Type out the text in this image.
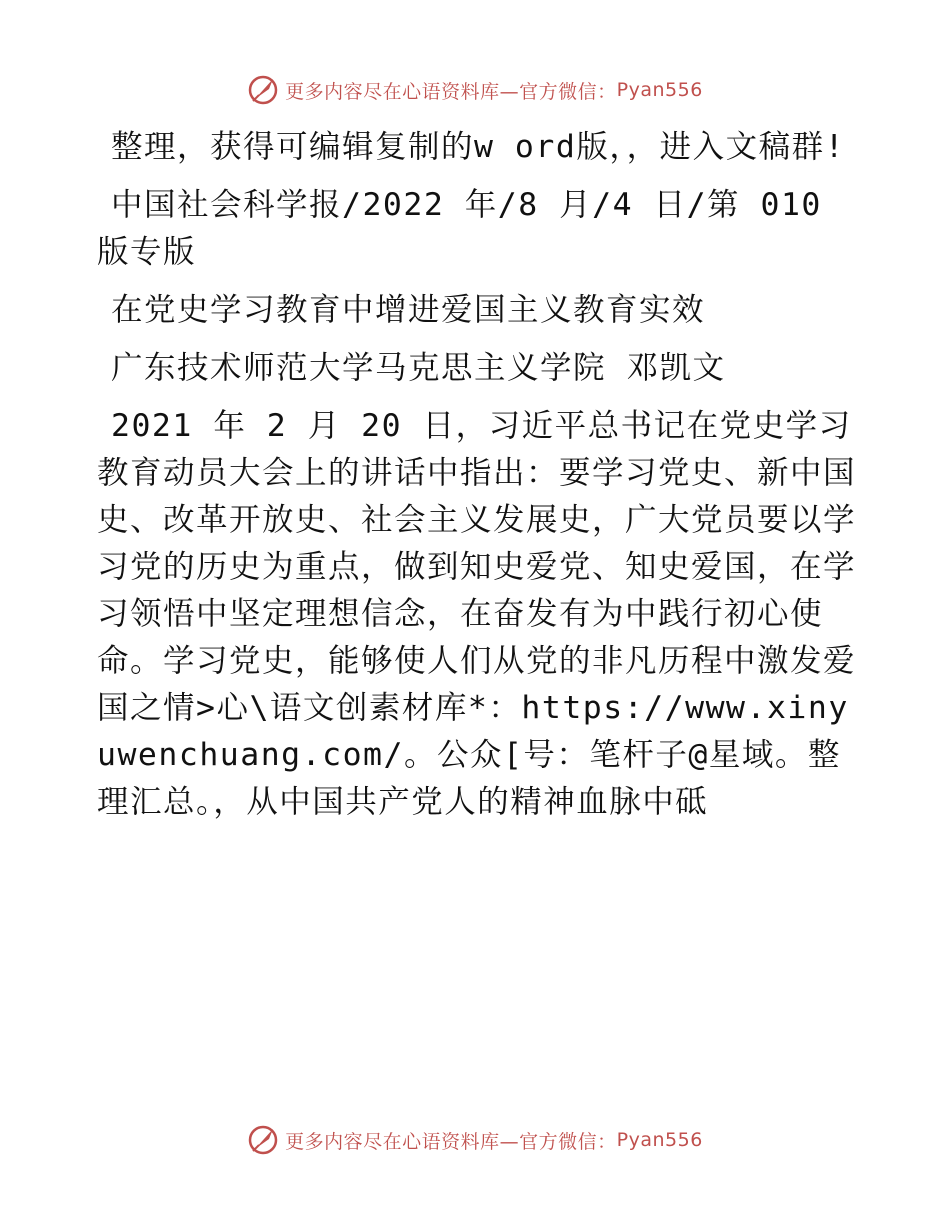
更多内容尽在心语资料库—官方微信： Pyan556

整理，获得可编辑复制的w ord版，，进入文稿群!

中国社会科学报/2022 年/8 月/4 日/第 010 版专版

在党史学习教育中增进爱国主义教育实效

广东技术师范大学马克思主义学院 邓凯文

2021 年 2 月 20 日，习近平总书记在党史学习教育动员大会上的讲话中指出：要学习党史、新中国史、改革开放史、社会主义发展史，广大党员要以学习党的历史为重点，做到知史爱党、知史爱国，在学习领悟中坚定理想信念，在奋发有为中践行初心使命。学习党史，能够使人们从党的非凡历程中激发爱国之情>心\语文创素材库*：https://www.xinyuwenchuang.com/。公众[号：笔杆子@星域。整理汇总。，从中国共产党人的精神血脉中砥

更多内容尽在心语资料库—官方微信： Pyan556
